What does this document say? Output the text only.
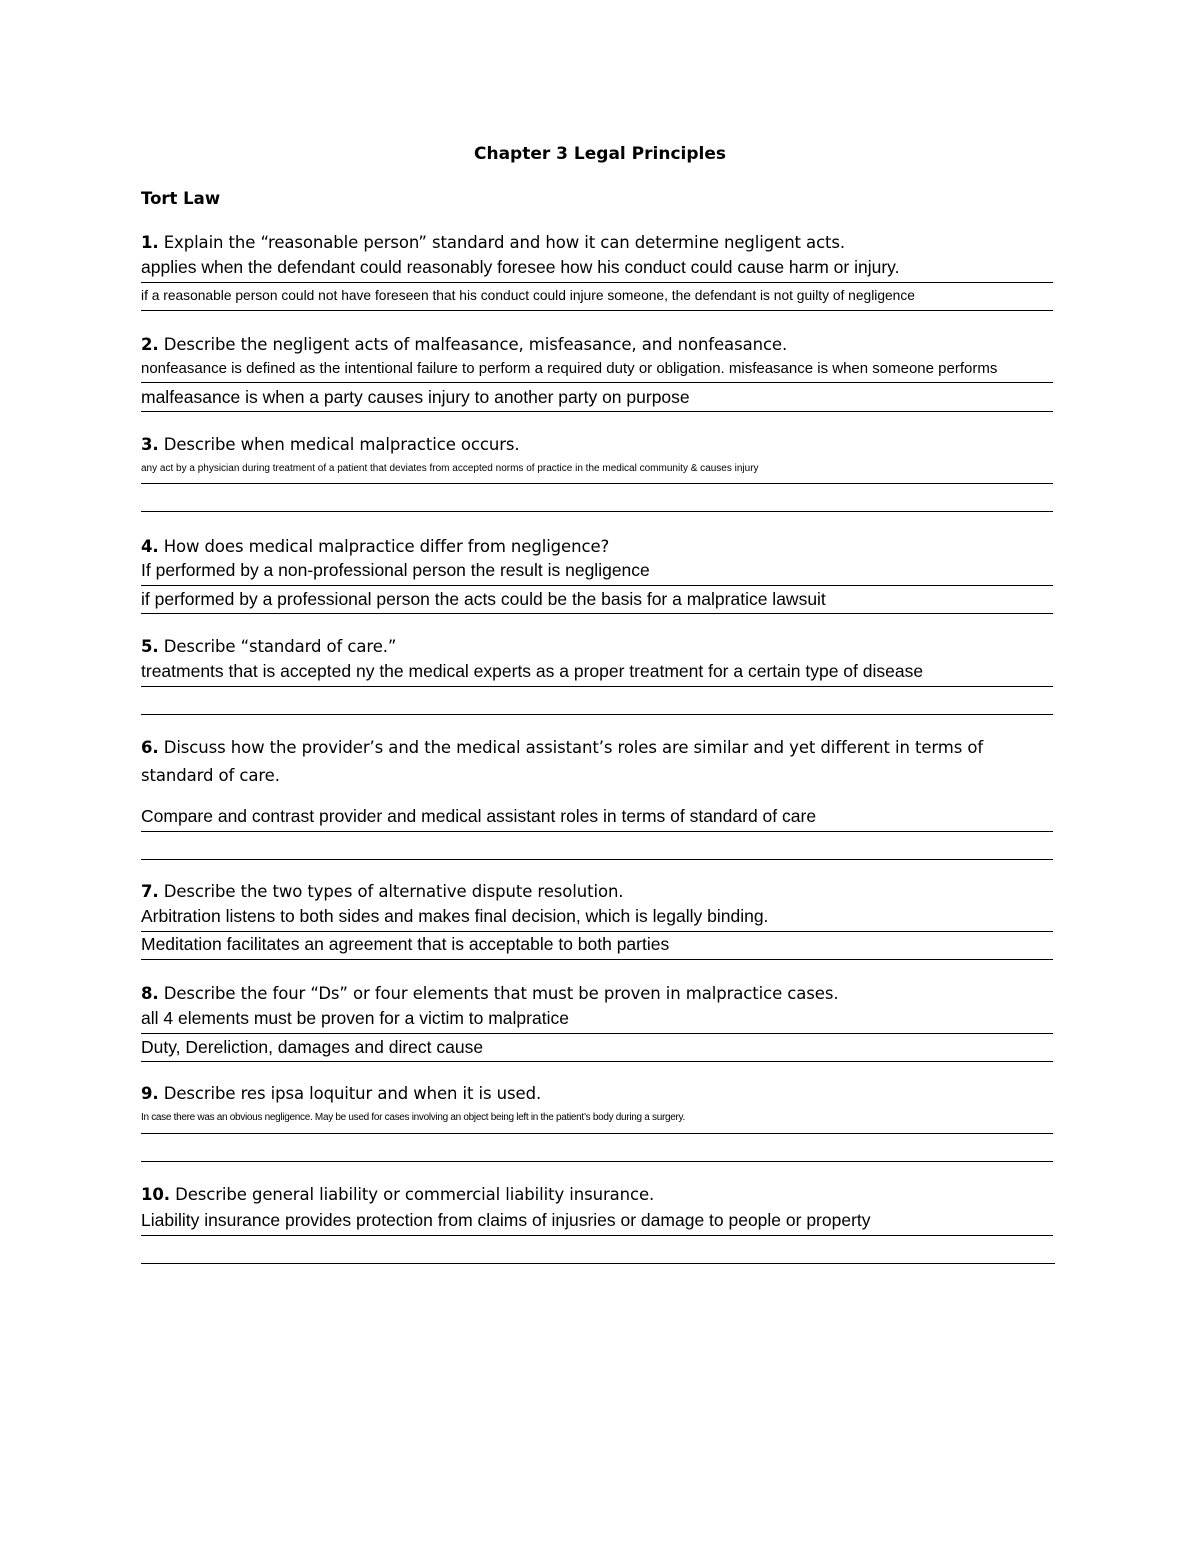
Chapter 3 Legal Principles
Tort Law
1. Explain the “reasonable person” standard and how it can determine negligent acts.
applies when the defendant could reasonably foresee how his conduct could cause harm or injury.
if a reasonable person could not have foreseen that his conduct could injure someone, the defendant is not guilty of negligence
2. Describe the negligent acts of malfeasance, misfeasance, and nonfeasance.
nonfeasance is defined as the intentional failure to perform a required duty or obligation. misfeasance is when someone performs
malfeasance is when a party causes injury to another party on purpose
3. Describe when medical malpractice occurs.
any act by a physician during treatment of a patient that deviates from accepted norms of practice in the medical community & causes injury
4. How does medical malpractice differ from negligence?
If performed by a non-professional person the result is negligence
if performed by a professional person the acts could be the basis for a malpratice lawsuit
5. Describe “standard of care.”
treatments that is accepted ny the medical experts as a proper treatment for a certain type of disease
6. Discuss how the provider’s and the medical assistant’s roles are similar and yet different in terms of standard of care.
Compare and contrast provider and medical assistant roles in terms of standard of care
7. Describe the two types of alternative dispute resolution.
Arbitration listens to both sides and makes final decision, which is legally binding.
Meditation facilitates an agreement that is acceptable to both parties
8. Describe the four “Ds” or four elements that must be proven in malpractice cases.
all 4 elements must be proven for a victim to malpratice
Duty, Dereliction, damages and direct cause
9. Describe res ipsa loquitur and when it is used.
In case there was an obvious negligence. May be used for cases involving an object being left in the patient’s body during a surgery.
10. Describe general liability or commercial liability insurance.
Liability insurance provides protection from claims of injusries or damage to people or property
